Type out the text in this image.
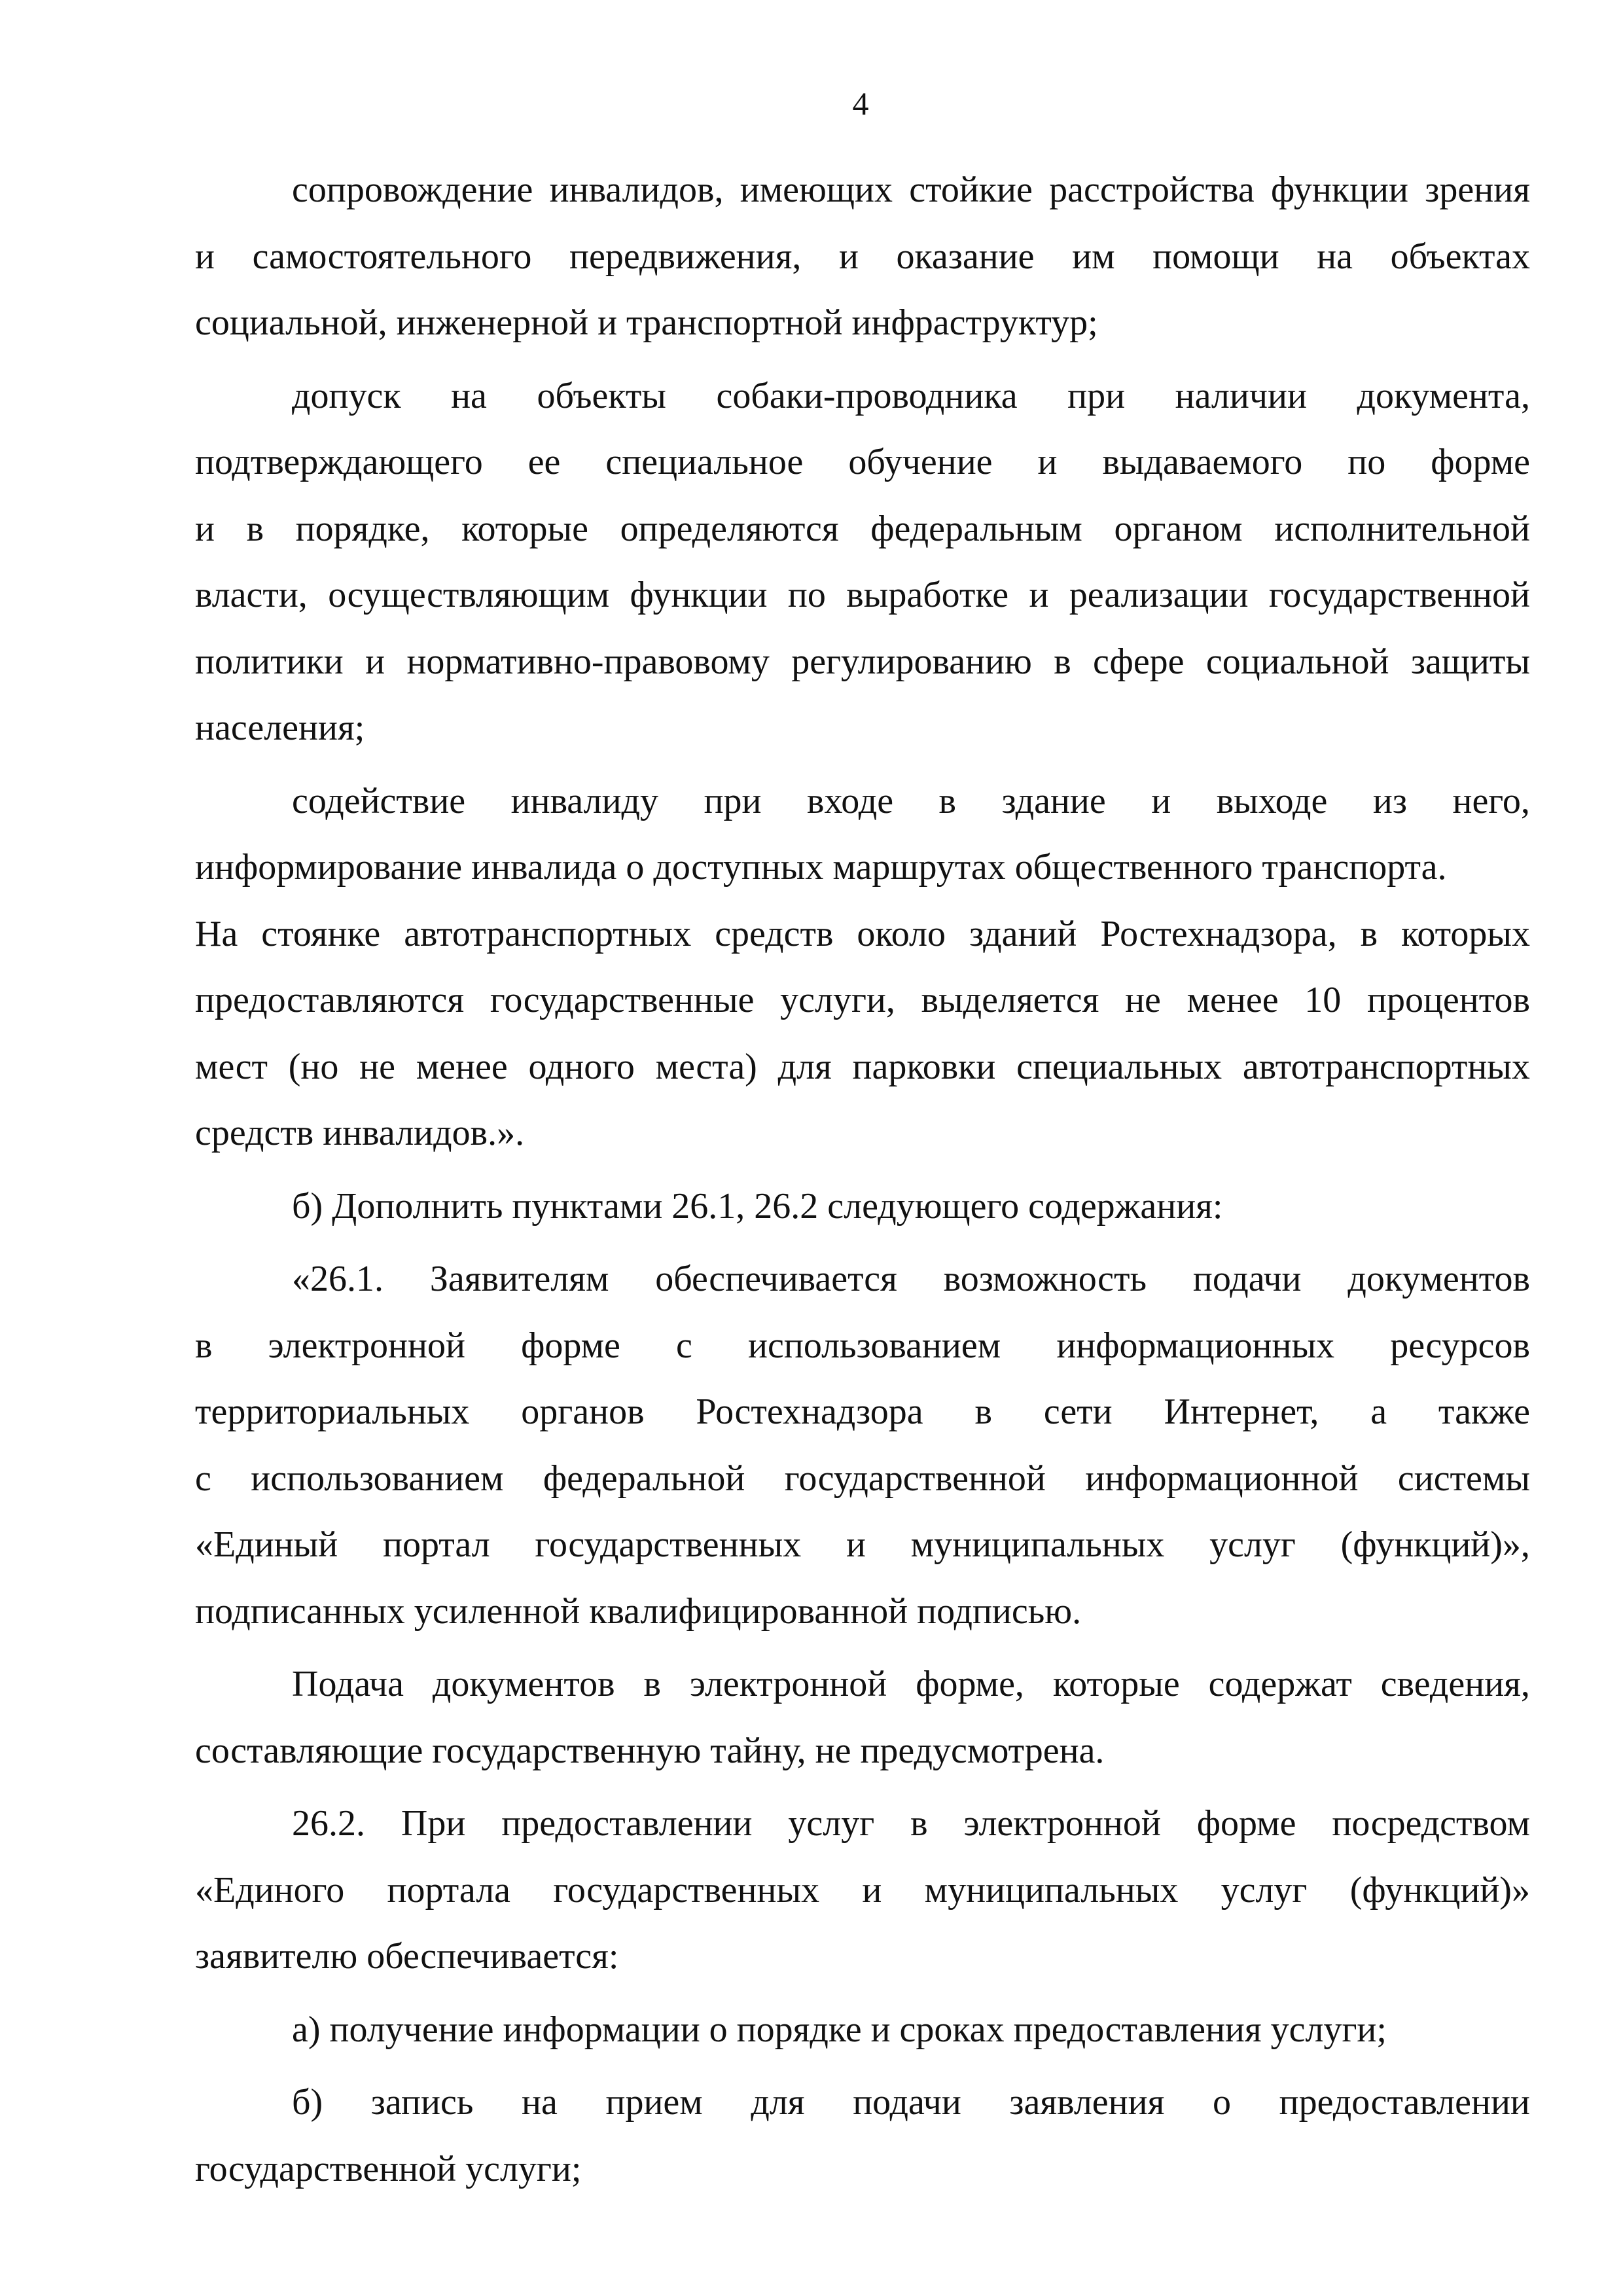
4
сопровождение инвалидов, имеющих стойкие расстройства функции зрения
и самостоятельного передвижения, и оказание им помощи на объектах
социальной, инженерной и транспортной инфраструктур;
допуск на объекты собаки-проводника при наличии документа,
подтверждающего ее специальное обучение и выдаваемого по форме
и в порядке, которые определяются федеральным органом исполнительной
власти, осуществляющим функции по выработке и реализации государственной
политики и нормативно-правовому регулированию в сфере социальной защиты
населения;
содействие инвалиду при входе в здание и выходе из него,
информирование инвалида о доступных маршрутах общественного транспорта.
На стоянке автотранспортных средств около зданий Ростехнадзора, в которых
предоставляются государственные услуги, выделяется не менее 10 процентов
мест (но не менее одного места) для парковки специальных автотранспортных
средств инвалидов.».
б) Дополнить пунктами 26.1, 26.2 следующего содержания:
«26.1. Заявителям обеспечивается возможность подачи документов
в электронной форме с использованием информационных ресурсов
территориальных органов Ростехнадзора в сети Интернет, а также
с использованием федеральной государственной информационной системы
«Единый портал государственных и муниципальных услуг (функций)»,
подписанных усиленной квалифицированной подписью.
Подача документов в электронной форме, которые содержат сведения,
составляющие государственную тайну, не предусмотрена.
26.2. При предоставлении услуг в электронной форме посредством
«Единого портала государственных и муниципальных услуг (функций)»
заявителю обеспечивается:
а) получение информации о порядке и сроках предоставления услуги;
б) запись на прием для подачи заявления о предоставлении
государственной услуги;
